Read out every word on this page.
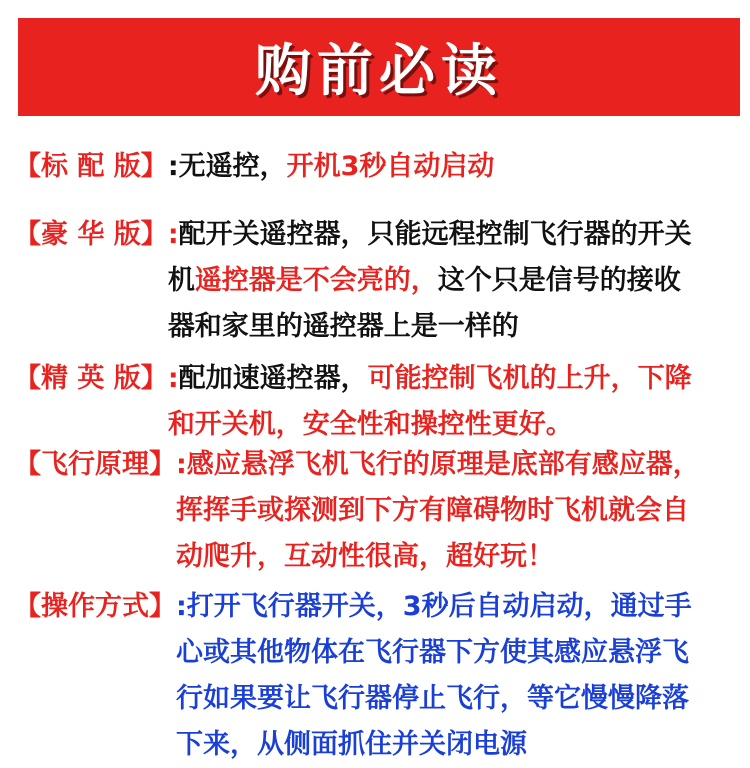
购前必读
【标 配 版】 :无遥控，开机3秒自动启动
【豪 华 版】 :配开关遥控器，只能远程控制飞行器的开关
机遥控器是不会亮的，这个只是信号的接收
器和家里的遥控器上是一样的
【精 英 版】 :配加速遥控器，可能控制飞机的上升，下降
和开关机，安全性和操控性更好。
【飞行原理】 :感应悬浮飞机飞行的原理是底部有感应器，
挥挥手或探测到下方有障碍物时飞机就会自
动爬升，互动性很高，超好玩！
【操作方式】 :打开飞行器开关，3秒后自动启动，通过手
心或其他物体在飞行器下方使其感应悬浮飞
行如果要让飞行器停止飞行，等它慢慢降落
下来，从侧面抓住并关闭电源
